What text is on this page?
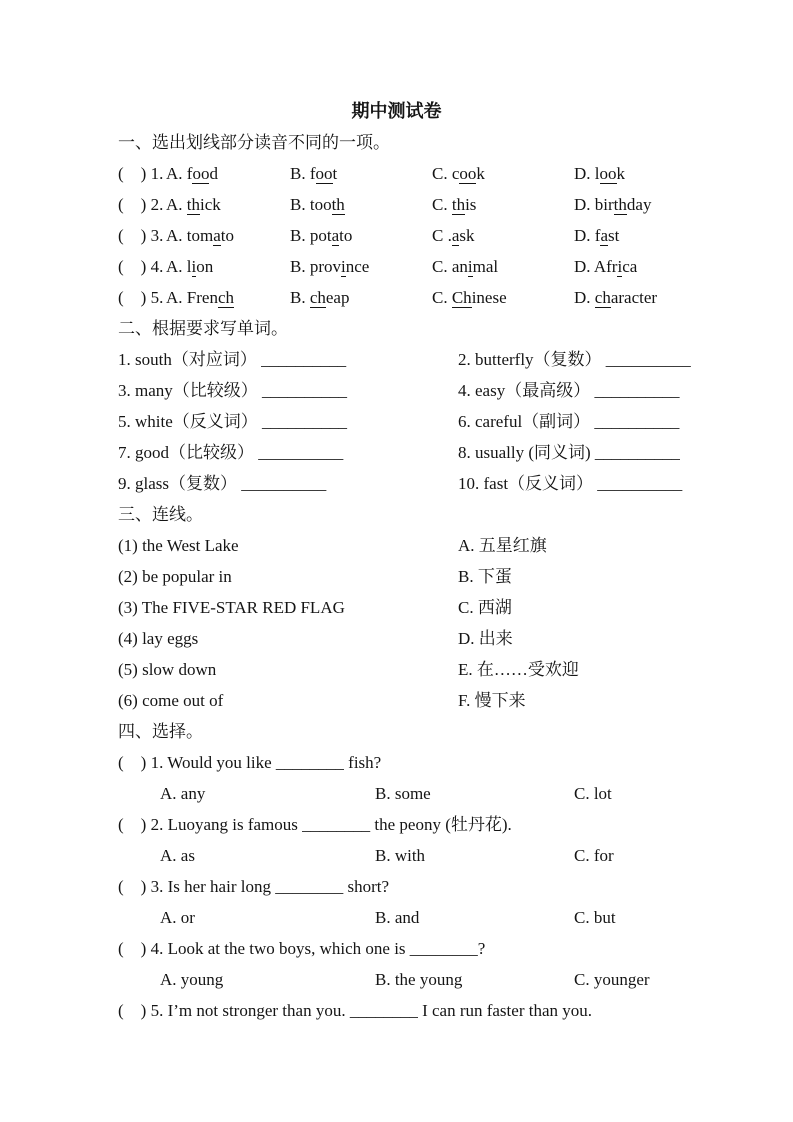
期中测试卷
一、选出划线部分读音不同的一项。
(　) 1. A. food	B. foot	C. cook	D. look
(　) 2. A. thick	B. tooth	C. this	D. birthday
(　) 3. A. tomato	B. potato	C .ask	D. fast
(　) 4. A. lion	B. province	C. animal	D. Africa
(　) 5. A. French	B. cheap	C. Chinese	D. character
二、根据要求写单词。
1. south（对应词） __________	2. butterfly（复数） __________
3. many（比较级） __________	4. easy（最高级） __________
5. white（反义词） __________	6. careful（副词） __________
7. good（比较级） __________	8. usually (同义词) __________
9. glass（复数） __________	10. fast（反义词） __________
三、连线。
(1) the West Lake	A. 五星红旗
(2) be popular in	B. 下蛋
(3) The FIVE-STAR RED FLAG	C. 西湖
(4) lay eggs	D. 出来
(5) slow down	E. 在……受欢迎
(6) come out of	F. 慢下来
四、选择。
(　) 1. Would you like ________ fish?
A. any	B. some	C. lot
(　) 2. Luoyang is famous ________ the peony (牡丹花).
A. as	B. with	C. for
(　) 3. Is her hair long ________ short?
A. or	B. and	C. but
(　) 4. Look at the two boys, which one is ________?
A. young	B. the young	C. younger
(　) 5. I’m not stronger than you. ________ I can run faster than you.
